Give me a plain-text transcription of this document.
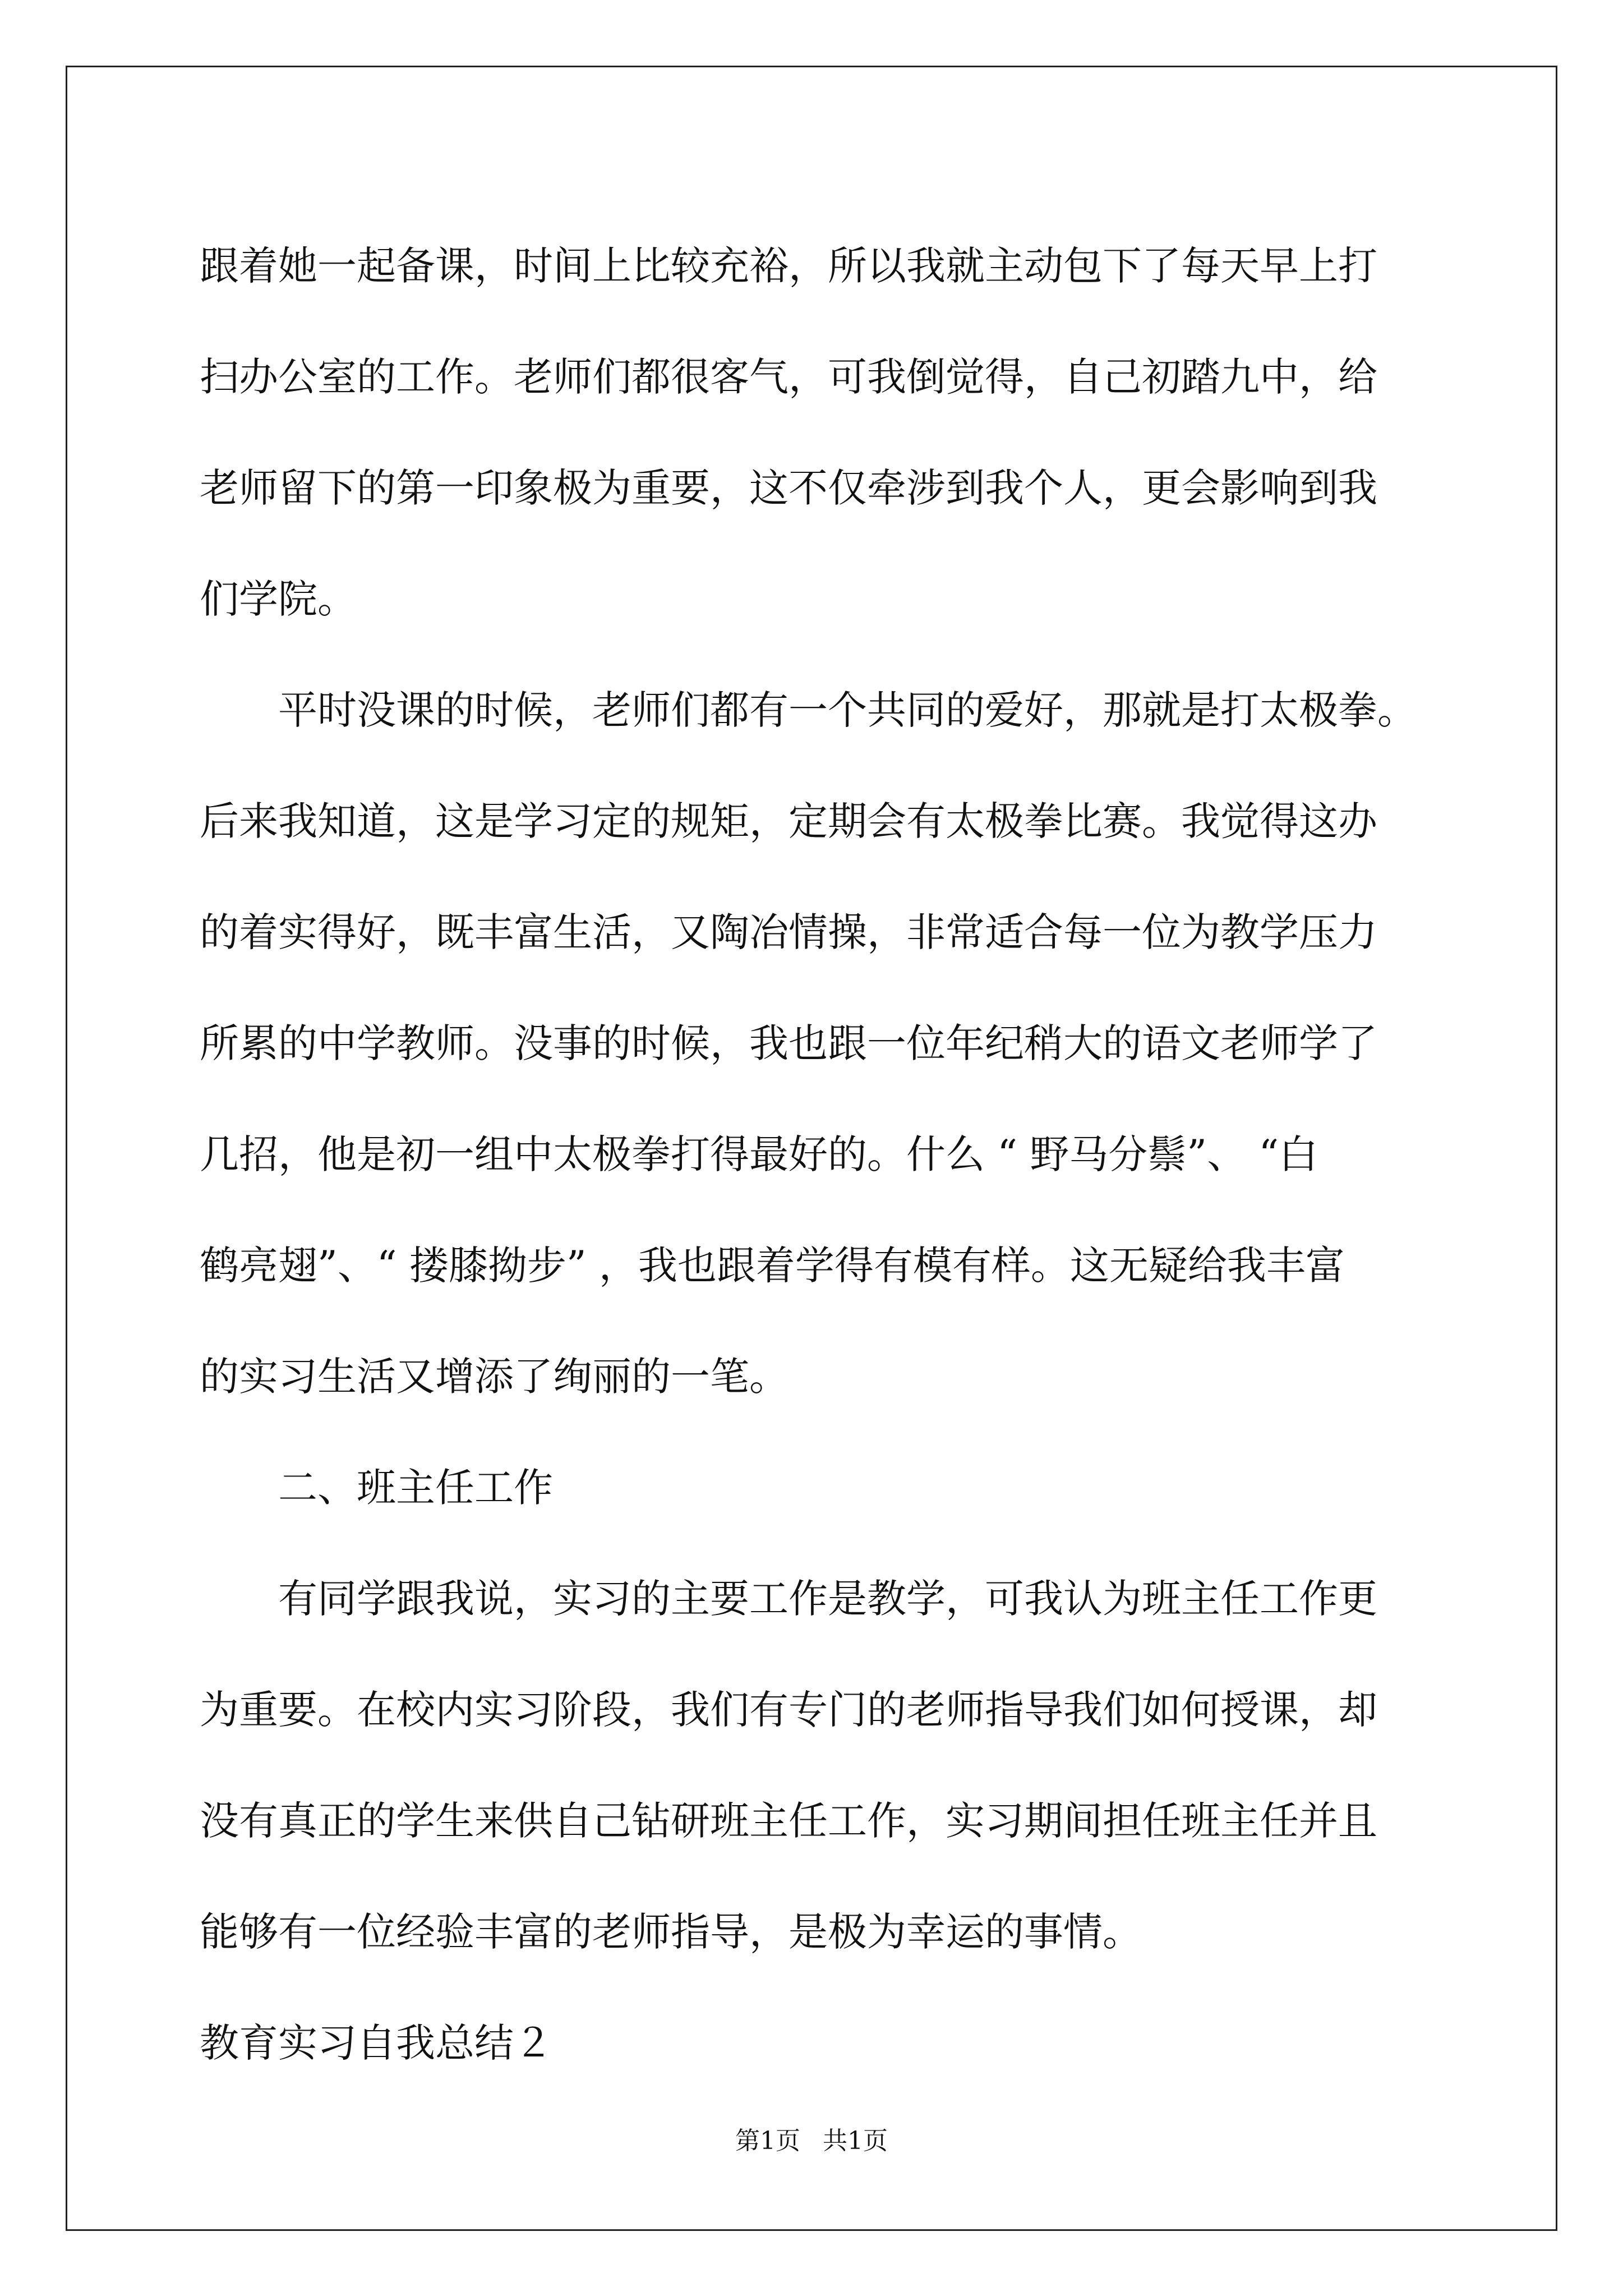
跟着她一起备课，时间上比较充裕，所以我就主动包下了每天早上打
扫办公室的工作。老师们都很客气，可我倒觉得，自己初踏九中，给
老师留下的第一印象极为重要，这不仅牵涉到我个人，更会影响到我
们学院。
平时没课的时候，老师们都有一个共同的爱好，那就是打太极拳。
后来我知道，这是学习定的规矩，定期会有太极拳比赛。我觉得这办
的着实得好，既丰富生活，又陶冶情操，非常适合每一位为教学压力
所累的中学教师。没事的时候，我也跟一位年纪稍大的语文老师学了
几招，他是初一组中太极拳打得最好的。什么 “ 野马分鬃”、 “白
鹤亮翅”、“ 搂膝拗步” ，我也跟着学得有模有样。这无疑给我丰富
的实习生活又增添了绚丽的一笔。
二、班主任工作
有同学跟我说，实习的主要工作是教学，可我认为班主任工作更
为重要。在校内实习阶段，我们有专门的老师指导我们如何授课，却
没有真正的学生来供自己钻研班主任工作，实习期间担任班主任并且
能够有一位经验丰富的老师指导，是极为幸运的事情。
教育实习自我总结２
第1页 共1页
